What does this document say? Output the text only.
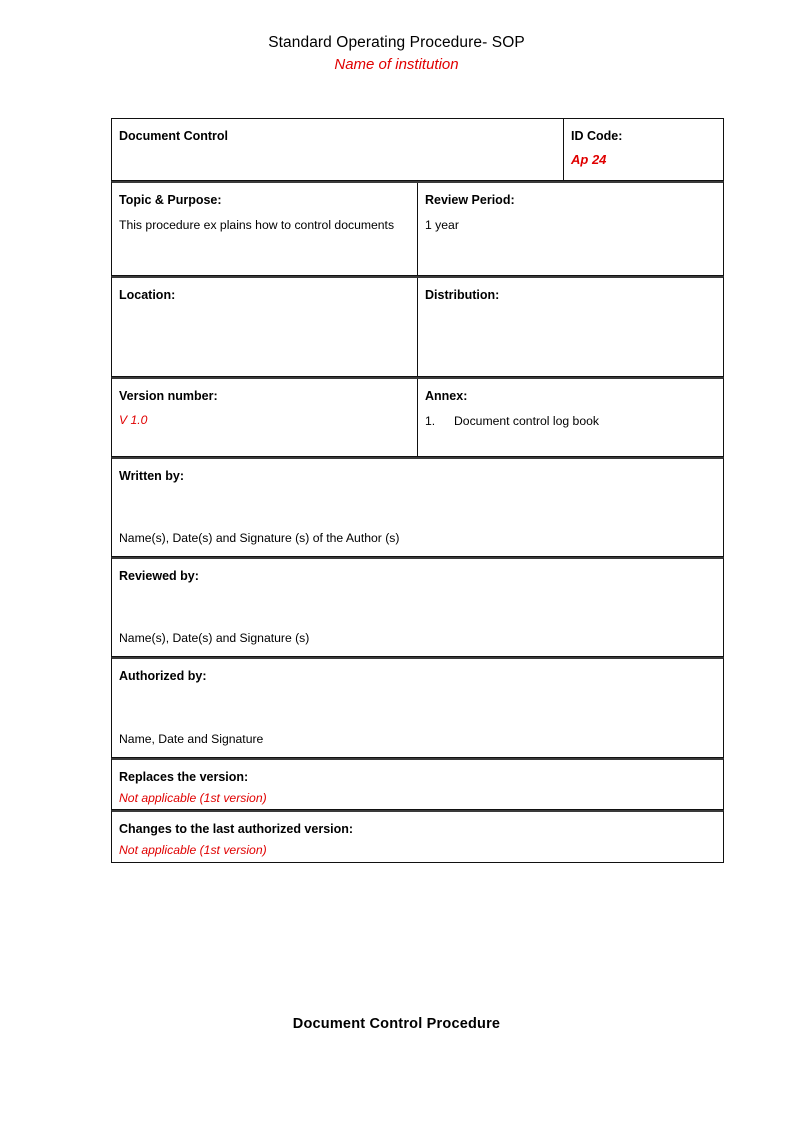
Standard Operating Procedure- SOP
Name of institution
Document Control	ID Code:
Ap 24
Topic & Purpose:
This procedure ex plains how to control documents
Review Period:
1 year
Location:	Distribution:
Version number:
V 1.0
Annex:
1. Document control log book
Written by:
Name(s), Date(s) and Signature (s) of the Author (s)
Reviewed by:
Name(s), Date(s) and Signature (s)
Authorized by:
Name, Date and Signature
Replaces the version:
Not applicable (1st version)
Changes to the last authorized version:
Not applicable (1st version)
Document Control Procedure
